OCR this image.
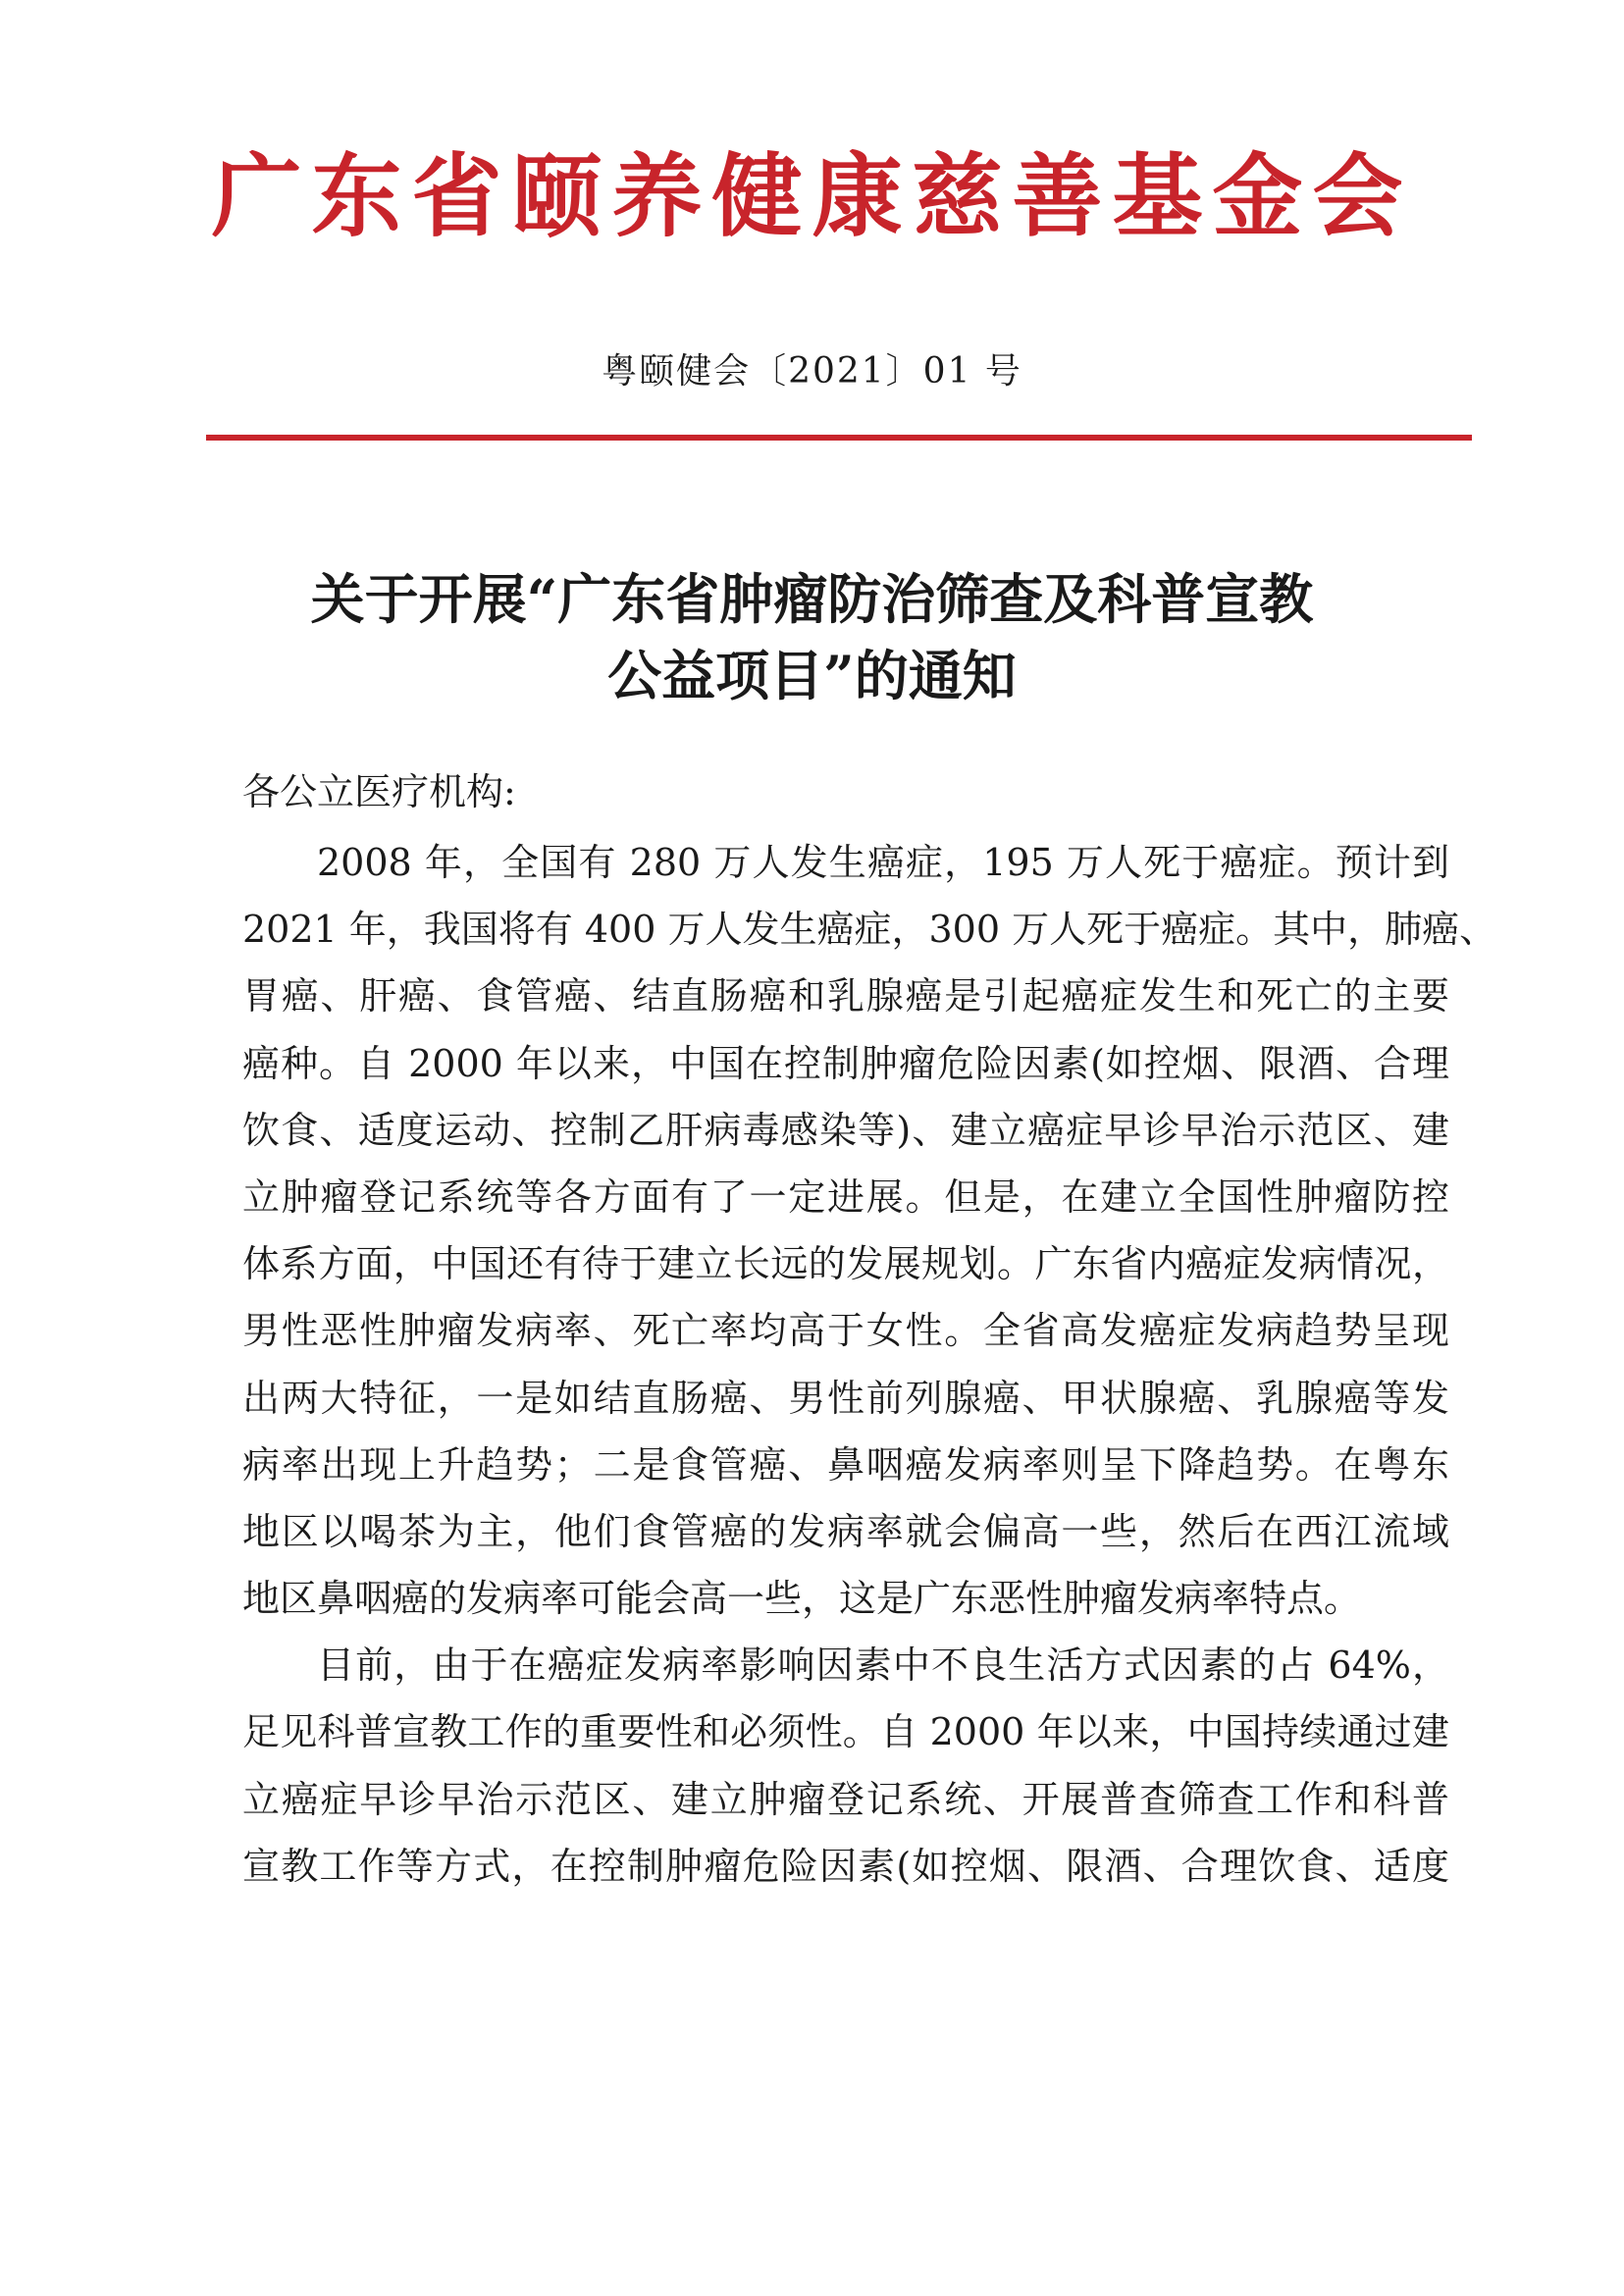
广东省颐养健康慈善基金会
粤颐健会〔2021〕01 号
关于开展“广东省肿瘤防治筛查及科普宣教
公益项目”的通知
各公立医疗机构:
2008 年，全国有 280 万人发生癌症，195 万人死于癌症。预计到
2021 年，我国将有 400 万人发生癌症，300 万人死于癌症。其中，肺癌、
胃癌、肝癌、食管癌、结直肠癌和乳腺癌是引起癌症发生和死亡的主要
癌种。自 2000 年以来，中国在控制肿瘤危险因素(如控烟、限酒、合理
饮食、适度运动、控制乙肝病毒感染等)、建立癌症早诊早治示范区、建
立肿瘤登记系统等各方面有了一定进展。但是，在建立全国性肿瘤防控
体系方面，中国还有待于建立长远的发展规划。广东省内癌症发病情况，
男性恶性肿瘤发病率、死亡率均高于女性。全省高发癌症发病趋势呈现
出两大特征，一是如结直肠癌、男性前列腺癌、甲状腺癌、乳腺癌等发
病率出现上升趋势；二是食管癌、鼻咽癌发病率则呈下降趋势。在粤东
地区以喝茶为主，他们食管癌的发病率就会偏高一些，然后在西江流域
地区鼻咽癌的发病率可能会高一些，这是广东恶性肿瘤发病率特点。
目前，由于在癌症发病率影响因素中不良生活方式因素的占 64%，
足见科普宣教工作的重要性和必须性。自 2000 年以来，中国持续通过建
立癌症早诊早治示范区、建立肿瘤登记系统、开展普查筛查工作和科普
宣教工作等方式，在控制肿瘤危险因素(如控烟、限酒、合理饮食、适度
